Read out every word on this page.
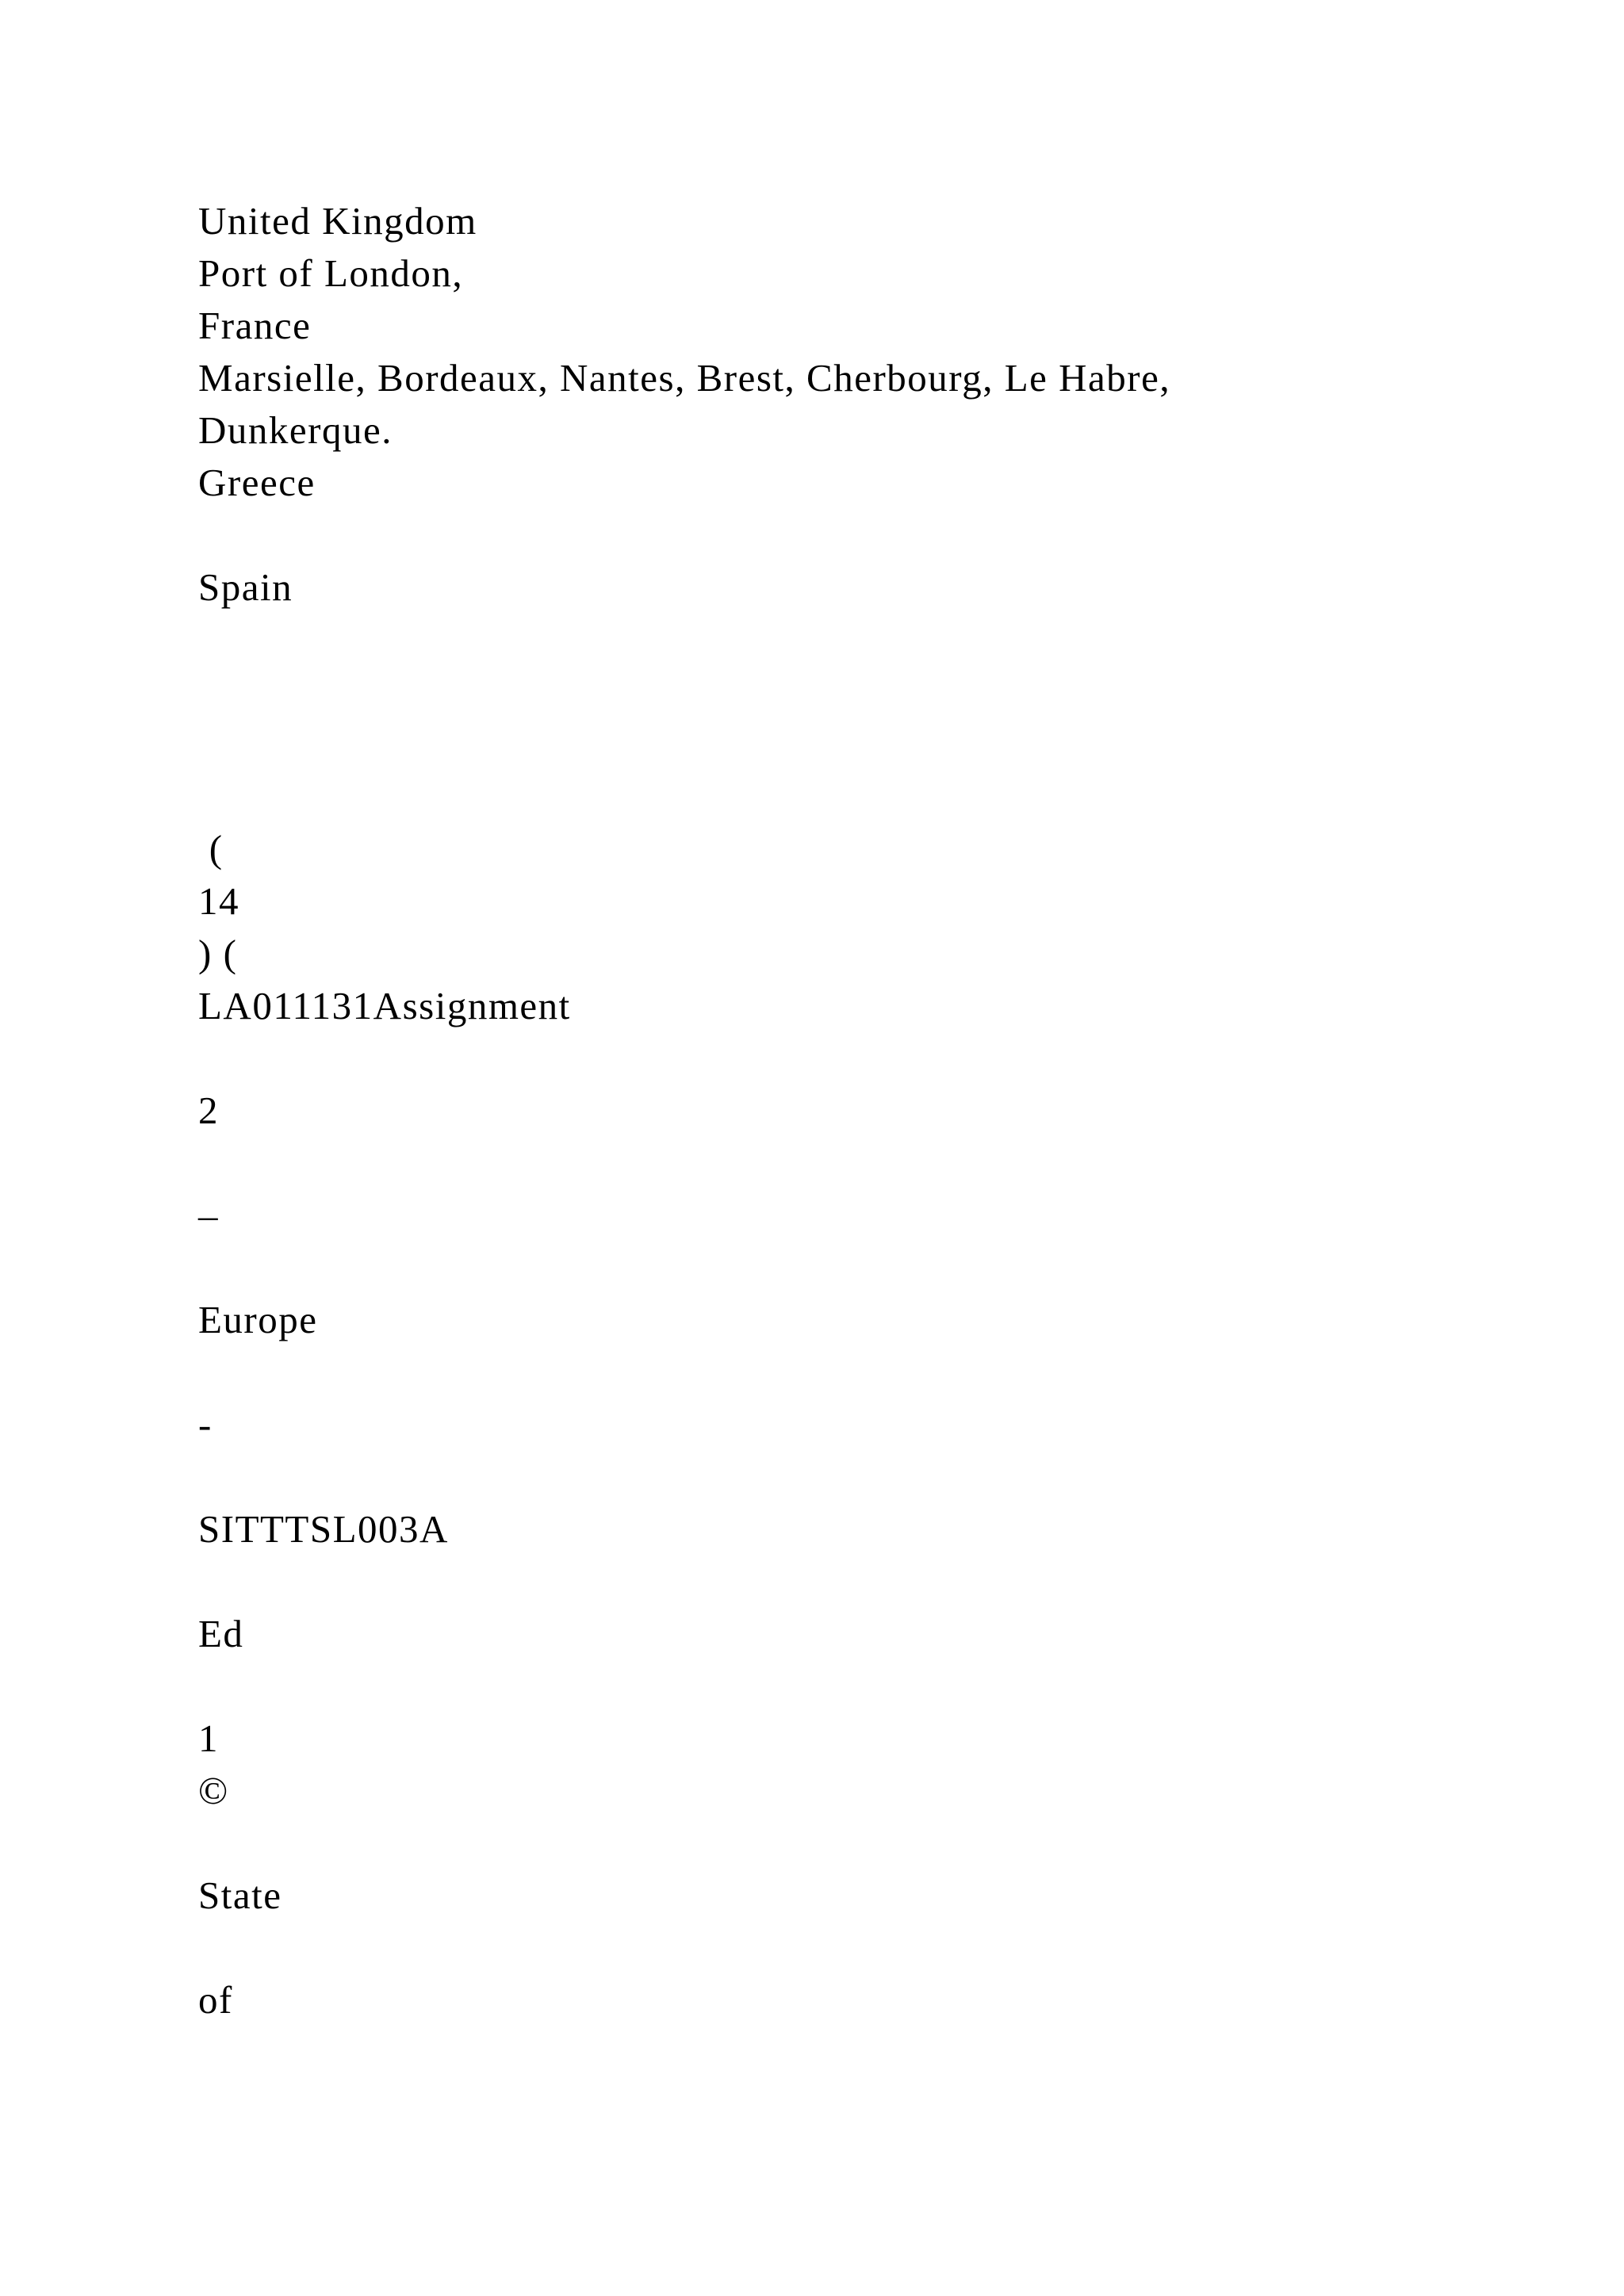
United Kingdom

Port of London,

France

Marsielle, Bordeaux, Nantes, Brest, Cherbourg, Le Habre,

Dunkerque.

Greece

Spain

(

14

) (

LA011131Assignment

2

–

Europe

-

SITTTSL003A

Ed

1

©

State

of
